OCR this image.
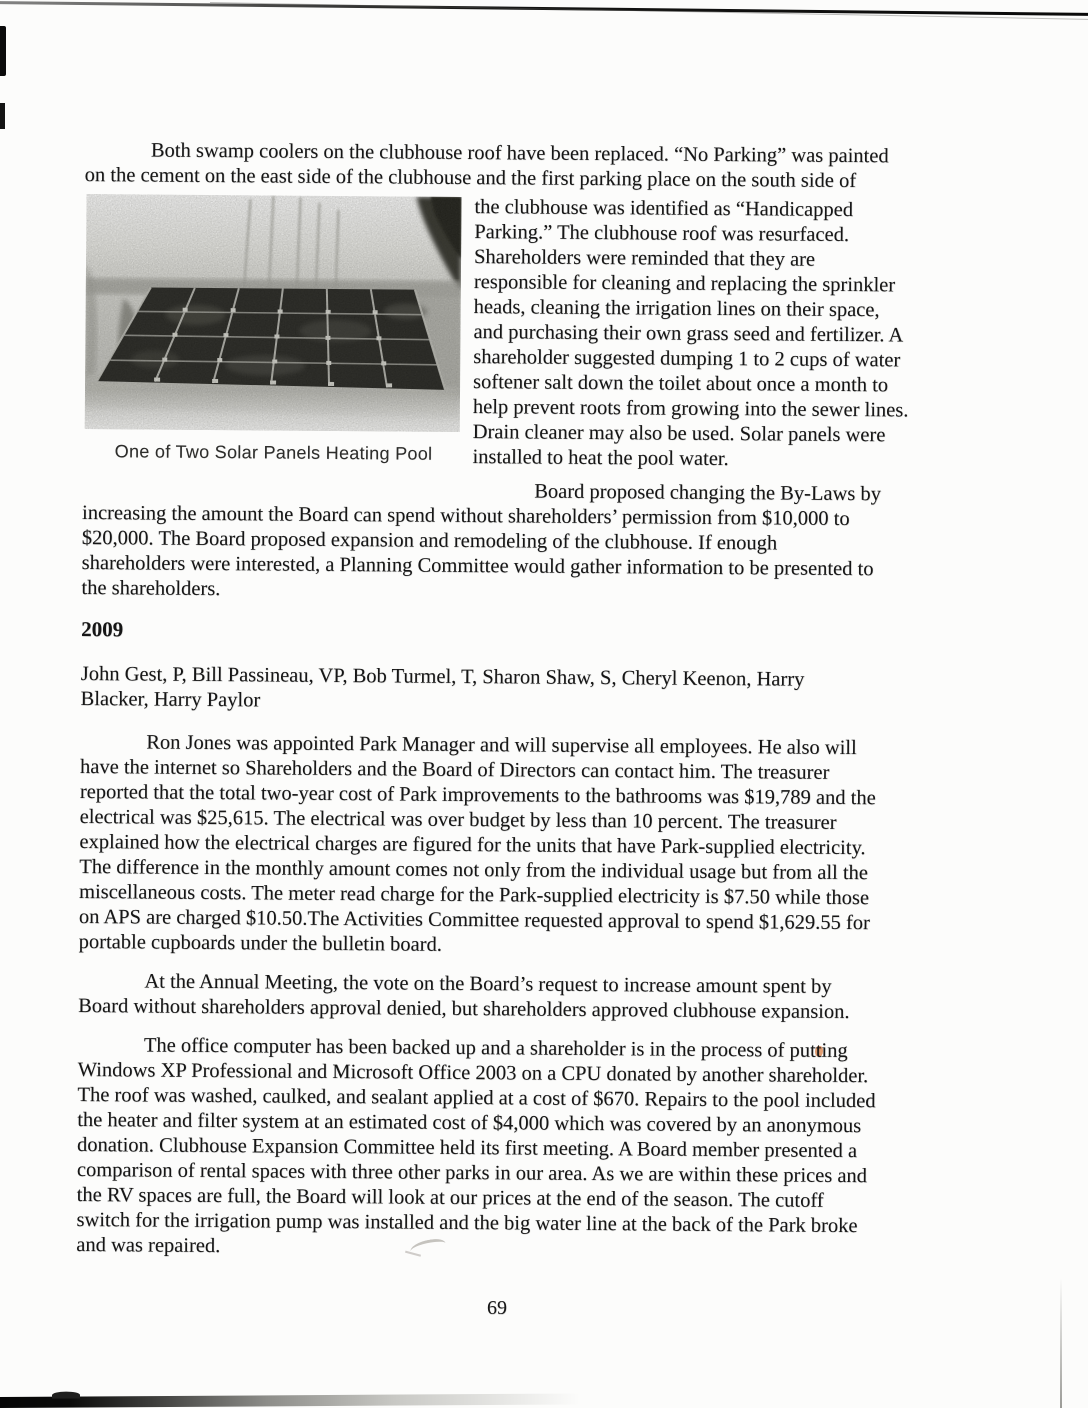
Both swamp coolers on the clubhouse roof have been replaced. “No Parking” was painted
on the cement on the east side of the clubhouse and the first parking place on the south side of

One of Two Solar Panels Heating Pool

the clubhouse was identified as “Handicapped
Parking.” The clubhouse roof was resurfaced.
Shareholders were reminded that they are
responsible for cleaning and replacing the sprinkler
heads, cleaning the irrigation lines on their space,
and purchasing their own grass seed and fertilizer. A
shareholder suggested dumping 1 to 2 cups of water
softener salt down the toilet about once a month to
help prevent roots from growing into the sewer lines.
Drain cleaner may also be used. Solar panels were
installed to heat the pool water.

Board proposed changing the By-Laws by
increasing the amount the Board can spend without shareholders’ permission from $10,000 to
$20,000. The Board proposed expansion and remodeling of the clubhouse. If enough
shareholders were interested, a Planning Committee would gather information to be presented to
the shareholders.

2009

John Gest, P, Bill Passineau, VP, Bob Turmel, T, Sharon Shaw, S, Cheryl Keenon, Harry
Blacker, Harry Paylor

Ron Jones was appointed Park Manager and will supervise all employees. He also will
have the internet so Shareholders and the Board of Directors can contact him. The treasurer
reported that the total two-year cost of Park improvements to the bathrooms was $19,789 and the
electrical was $25,615. The electrical was over budget by less than 10 percent. The treasurer
explained how the electrical charges are figured for the units that have Park-supplied electricity.
The difference in the monthly amount comes not only from the individual usage but from all the
miscellaneous costs. The meter read charge for the Park-supplied electricity is $7.50 while those
on APS are charged $10.50.The Activities Committee requested approval to spend $1,629.55 for
portable cupboards under the bulletin board.

At the Annual Meeting, the vote on the Board’s request to increase amount spent by
Board without shareholders approval denied, but shareholders approved clubhouse expansion.

The office computer has been backed up and a shareholder is in the process of putting
Windows XP Professional and Microsoft Office 2003 on a CPU donated by another shareholder.
The roof was washed, caulked, and sealant applied at a cost of $670. Repairs to the pool included
the heater and filter system at an estimated cost of $4,000 which was covered by an anonymous
donation. Clubhouse Expansion Committee held its first meeting. A Board member presented a
comparison of rental spaces with three other parks in our area. As we are within these prices and
the RV spaces are full, the Board will look at our prices at the end of the season. The cutoff
switch for the irrigation pump was installed and the big water line at the back of the Park broke
and was repaired.

69
